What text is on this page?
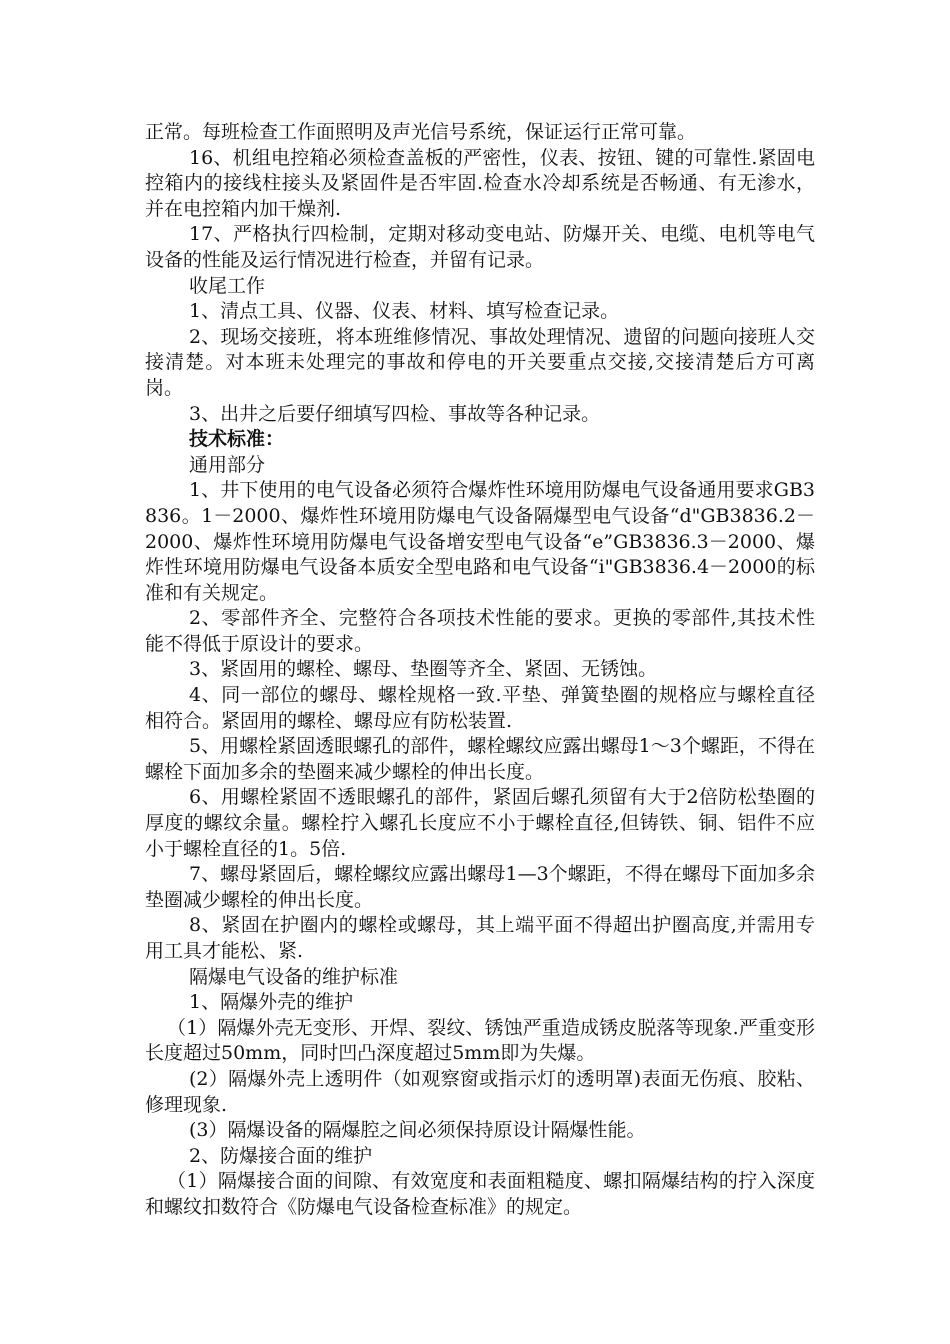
正常。每班检查工作面照明及声光信号系统，保证运行正常可靠。

16、机组电控箱必须检查盖板的严密性，仪表、按钮、键的可靠性.紧固电控箱内的接线柱接头及紧固件是否牢固.检查水冷却系统是否畅通、有无渗水，并在电控箱内加干燥剂.

17、严格执行四检制，定期对移动变电站、防爆开关、电缆、电机等电气设备的性能及运行情况进行检查，并留有记录。

收尾工作

1、清点工具、仪器、仪表、材料、填写检查记录。

2、现场交接班，将本班维修情况、事故处理情况、遗留的问题向接班人交接清楚。对本班未处理完的事故和停电的开关要重点交接,交接清楚后方可离岗。

3、出井之后要仔细填写四检、事故等各种记录。

技术标准：

通用部分

1、井下使用的电气设备必须符合爆炸性环境用防爆电气设备通用要求GB3836。1－2000、爆炸性环境用防爆电气设备隔爆型电气设备“d"GB3836.2－2000、爆炸性环境用防爆电气设备增安型电气设备“e”GB3836.3－2000、爆炸性环境用防爆电气设备本质安全型电路和电气设备“i"GB3836.4－2000的标准和有关规定。

2、零部件齐全、完整符合各项技术性能的要求。更换的零部件,其技术性能不得低于原设计的要求。

3、紧固用的螺栓、螺母、垫圈等齐全、紧固、无锈蚀。

4、同一部位的螺母、螺栓规格一致.平垫、弹簧垫圈的规格应与螺栓直径相符合。紧固用的螺栓、螺母应有防松装置.

5、用螺栓紧固透眼螺孔的部件，螺栓螺纹应露出螺母1～3个螺距，不得在螺栓下面加多余的垫圈来减少螺栓的伸出长度。

6、用螺栓紧固不透眼螺孔的部件，紧固后螺孔须留有大于2倍防松垫圈的厚度的螺纹余量。螺栓拧入螺孔长度应不小于螺栓直径,但铸铁、铜、铝件不应小于螺栓直径的1。5倍.

7、螺母紧固后，螺栓螺纹应露出螺母1—3个螺距，不得在螺母下面加多余垫圈减少螺栓的伸出长度。

8、紧固在护圈内的螺栓或螺母，其上端平面不得超出护圈高度,并需用专用工具才能松、紧.

隔爆电气设备的维护标准

1、隔爆外壳的维护

（1）隔爆外壳无变形、开焊、裂纹、锈蚀严重造成锈皮脱落等现象.严重变形长度超过50mm，同时凹凸深度超过5mm即为失爆。

(2）隔爆外壳上透明件（如观察窗或指示灯的透明罩)表面无伤痕、胶粘、修理现象.

(3）隔爆设备的隔爆腔之间必须保持原设计隔爆性能。

2、防爆接合面的维护

（1）隔爆接合面的间隙、有效宽度和表面粗糙度、螺扣隔爆结构的拧入深度和螺纹扣数符合《防爆电气设备检查标准》的规定。
